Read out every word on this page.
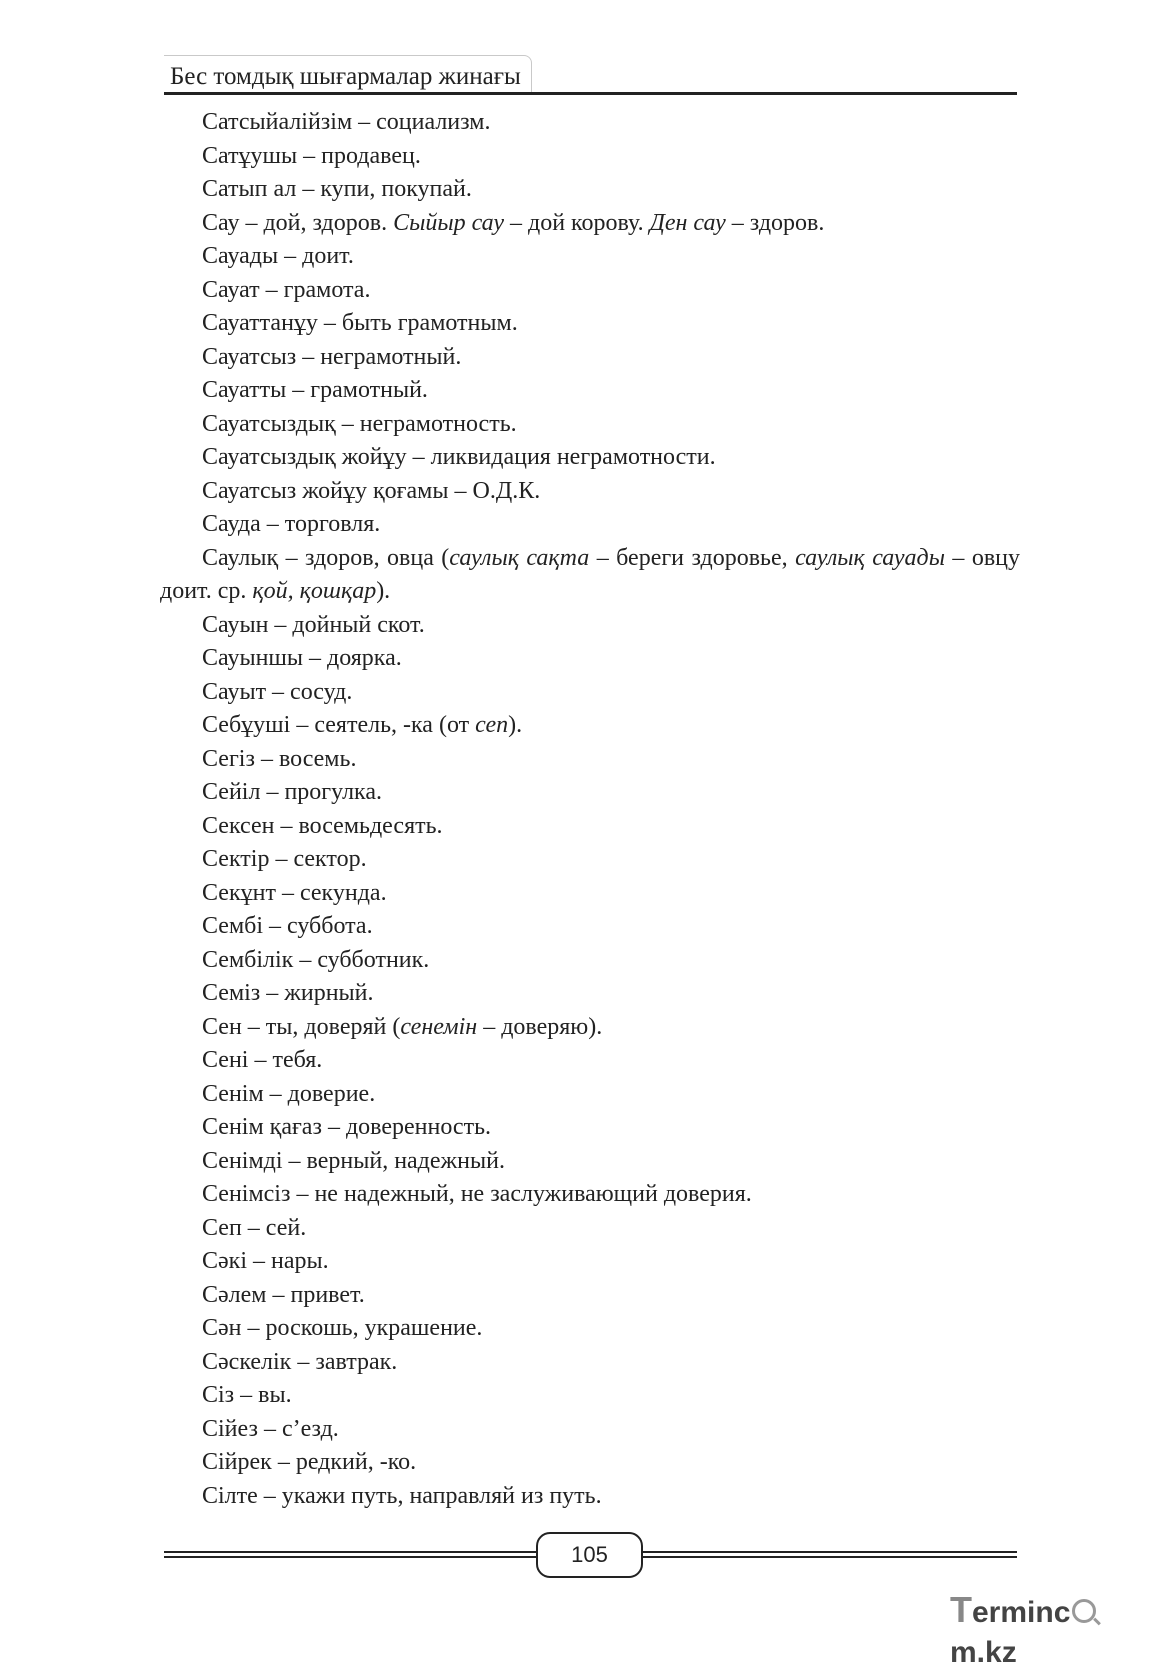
Бес томдық шығармалар жинағы

Сатсыйалійзім – социализм.

Сатұушы – продавец.

Сатып ал – купи, покупай.

Сау – дой, здоров. Сыйыр сау – дой корову. Ден сау – здоров.

Сауады – доит.

Сауат – грамота.

Сауаттанұу – быть грамотным.

Сауатсыз – неграмотный.

Сауатты – грамотный.

Сауатсыздық – неграмотность.

Сауатсыздық жойұу – ликвидация неграмотности.

Сауатсыз жойұу қоғамы – О.Д.К.

Сауда – торговля.

Саулық – здоров, овца (саулық сақта – береги здоровье, саулық сауады – овцу доит. ср. қой, қошқар).

Сауын – дойный скот.

Сауыншы – доярка.

Сауыт – сосуд.

Себұуші – сеятель, -ка (от сеп).

Сегіз – восемь.

Сейіл – прогулка.

Сексен – восемьдесять.

Сектір – сектор.

Секұнт – секунда.

Сембі – суббота.

Сембілік – субботник.

Семіз – жирный.

Сен – ты, доверяй (сенемін – доверяю).

Сені – тебя.

Сенім – доверие.

Сенім қағаз – доверенность.

Сенімді – верный, надежный.

Сенімсіз – не надежный, не заслуживающий доверия.

Сеп – сей.

Сәкі – нары.

Сәлем – привет.

Сән – роскошь, украшение.

Сәскелік – завтрак.

Сіз – вы.

Сійез – с’езд.

Сійрек – редкий, -ко.

Сілте – укажи путь, направляй из путь.

105
Termincm.kz
